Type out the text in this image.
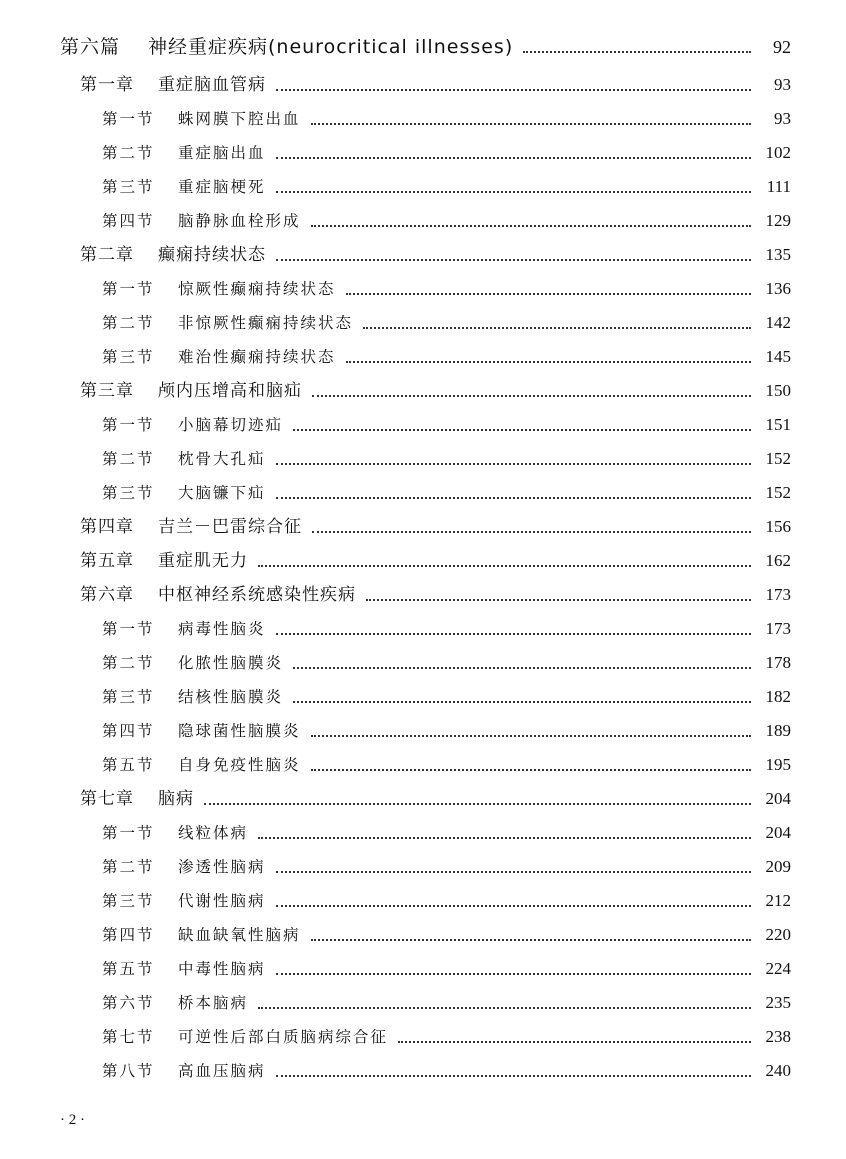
第六篇	神经重症疾病(neurocritical illnesses)	92
第一章	重症脑血管病	93
第一节	蛛网膜下腔出血	93
第二节	重症脑出血	102
第三节	重症脑梗死	111
第四节	脑静脉血栓形成	129
第二章	癫痫持续状态	135
第一节	惊厥性癫痫持续状态	136
第二节	非惊厥性癫痫持续状态	142
第三节	难治性癫痫持续状态	145
第三章	颅内压增高和脑疝	150
第一节	小脑幕切迹疝	151
第二节	枕骨大孔疝	152
第三节	大脑镰下疝	152
第四章	吉兰－巴雷综合征	156
第五章	重症肌无力	162
第六章	中枢神经系统感染性疾病	173
第一节	病毒性脑炎	173
第二节	化脓性脑膜炎	178
第三节	结核性脑膜炎	182
第四节	隐球菌性脑膜炎	189
第五节	自身免疫性脑炎	195
第七章	脑病	204
第一节	线粒体病	204
第二节	渗透性脑病	209
第三节	代谢性脑病	212
第四节	缺血缺氧性脑病	220
第五节	中毒性脑病	224
第六节	桥本脑病	235
第七节	可逆性后部白质脑病综合征	238
第八节	高血压脑病	240
· 2 ·
